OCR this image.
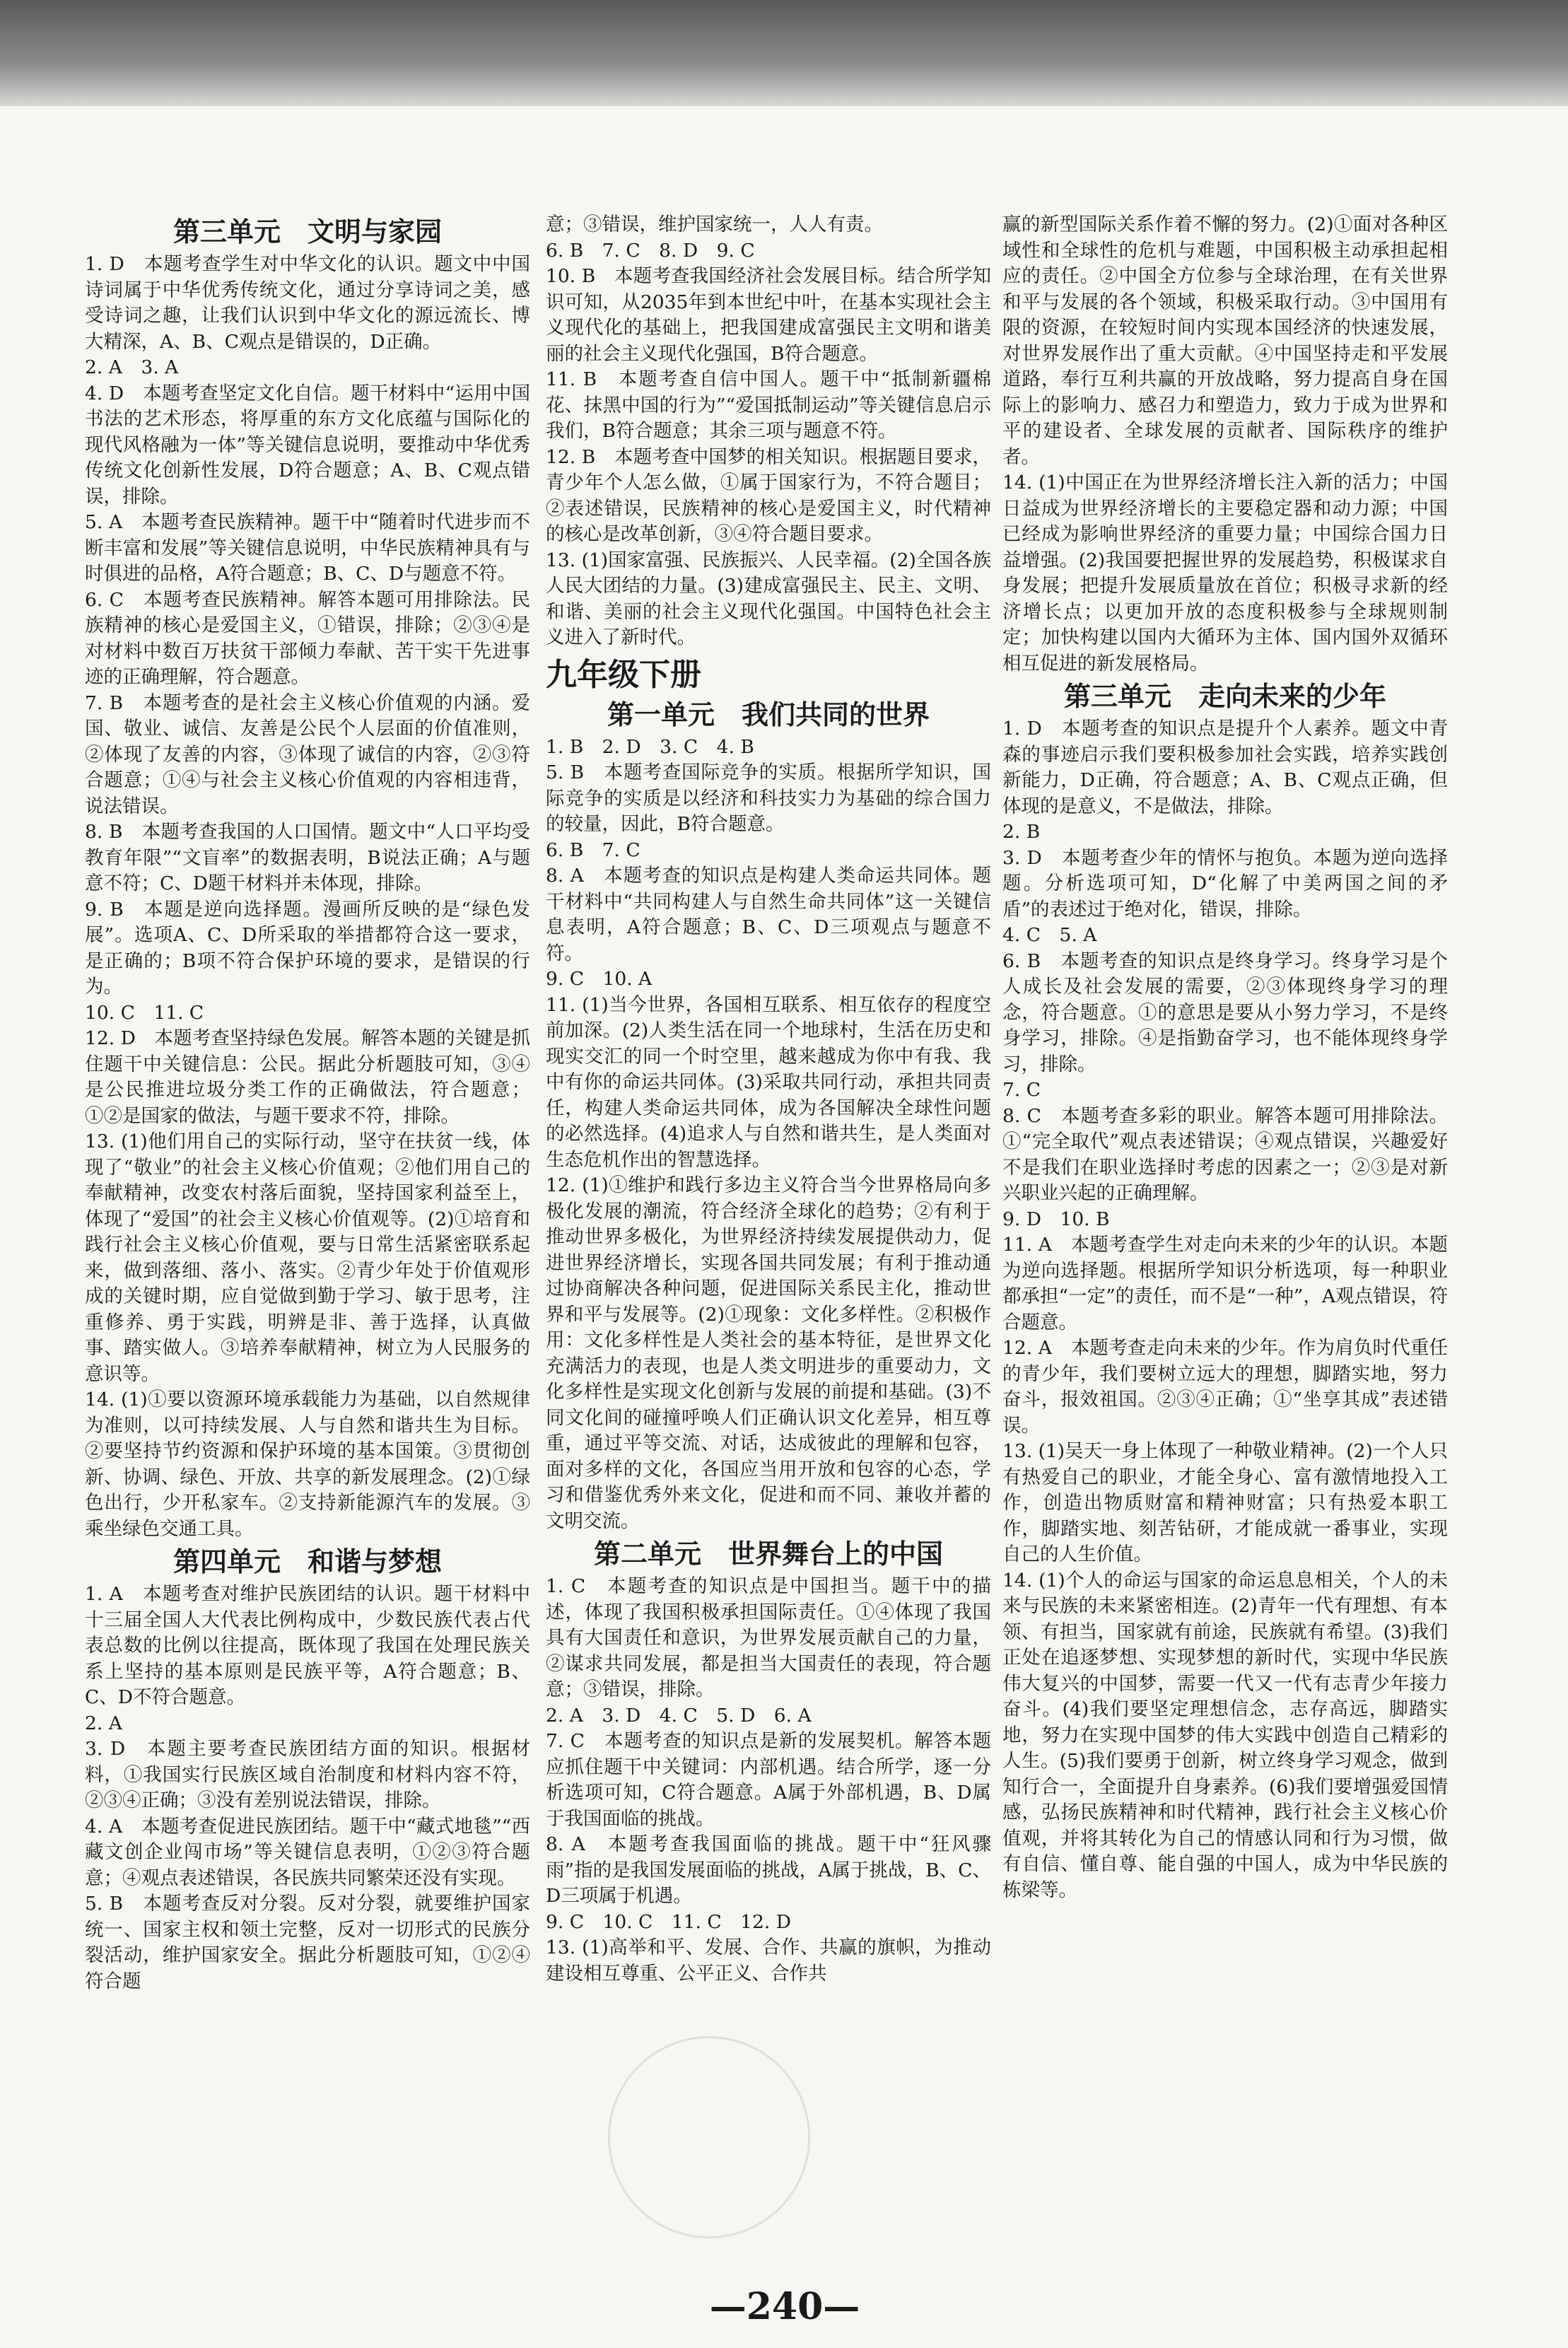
第三单元　文明与家园
1. D　本题考查学生对中华文化的认识。题文中中国诗词属于中华优秀传统文化，通过分享诗词之美，感受诗词之趣，让我们认识到中华文化的源远流长、博大精深，A、B、C观点是错误的，D正确。
2. A　3. A
4. D　本题考查坚定文化自信。题干材料中“运用中国书法的艺术形态，将厚重的东方文化底蕴与国际化的现代风格融为一体”等关键信息说明，要推动中华优秀传统文化创新性发展，D符合题意；A、B、C观点错误，排除。
5. A　本题考查民族精神。题干中“随着时代进步而不断丰富和发展”等关键信息说明，中华民族精神具有与时俱进的品格，A符合题意；B、C、D与题意不符。
6. C　本题考查民族精神。解答本题可用排除法。民族精神的核心是爱国主义，①错误，排除；②③④是对材料中数百万扶贫干部倾力奉献、苦干实干先进事迹的正确理解，符合题意。
7. B　本题考查的是社会主义核心价值观的内涵。爱国、敬业、诚信、友善是公民个人层面的价值准则，②体现了友善的内容，③体现了诚信的内容，②③符合题意；①④与社会主义核心价值观的内容相违背，说法错误。
8. B　本题考查我国的人口国情。题文中“人口平均受教育年限”“文盲率”的数据表明，B说法正确；A与题意不符；C、D题干材料并未体现，排除。
9. B　本题是逆向选择题。漫画所反映的是“绿色发展”。选项A、C、D所采取的举措都符合这一要求，是正确的；B项不符合保护环境的要求，是错误的行为。
10. C　11. C
12. D　本题考查坚持绿色发展。解答本题的关键是抓住题干中关键信息：公民。据此分析题肢可知，③④是公民推进垃圾分类工作的正确做法，符合题意；①②是国家的做法，与题干要求不符，排除。
13. (1)他们用自己的实际行动，坚守在扶贫一线，体现了“敬业”的社会主义核心价值观；②他们用自己的奉献精神，改变农村落后面貌，坚持国家利益至上，体现了“爱国”的社会主义核心价值观等。(2)①培育和践行社会主义核心价值观，要与日常生活紧密联系起来，做到落细、落小、落实。②青少年处于价值观形成的关键时期，应自觉做到勤于学习、敏于思考，注重修养、勇于实践，明辨是非、善于选择，认真做事、踏实做人。③培养奉献精神，树立为人民服务的意识等。
14. (1)①要以资源环境承载能力为基础，以自然规律为准则，以可持续发展、人与自然和谐共生为目标。②要坚持节约资源和保护环境的基本国策。③贯彻创新、协调、绿色、开放、共享的新发展理念。(2)①绿色出行，少开私家车。②支持新能源汽车的发展。③乘坐绿色交通工具。
第四单元　和谐与梦想
1. A　本题考查对维护民族团结的认识。题干材料中十三届全国人大代表比例构成中，少数民族代表占代表总数的比例以往提高，既体现了我国在处理民族关系上坚持的基本原则是民族平等，A符合题意；B、C、D不符合题意。
2. A
3. D　本题主要考查民族团结方面的知识。根据材料，①我国实行民族区域自治制度和材料内容不符，②③④正确；③没有差别说法错误，排除。
4. A　本题考查促进民族团结。题干中“藏式地毯”“西藏文创企业闯市场”等关键信息表明，①②③符合题意；④观点表述错误，各民族共同繁荣还没有实现。
5. B　本题考查反对分裂。反对分裂，就要维护国家统一、国家主权和领土完整，反对一切形式的民族分裂活动，维护国家安全。据此分析题肢可知，①②④符合题
意；③错误，维护国家统一，人人有责。
6. B　7. C　8. D　9. C
10. B　本题考查我国经济社会发展目标。结合所学知识可知，从2035年到本世纪中叶，在基本实现社会主义现代化的基础上，把我国建成富强民主文明和谐美丽的社会主义现代化强国，B符合题意。
11. B　本题考查自信中国人。题干中“抵制新疆棉花、抹黑中国的行为”“爱国抵制运动”等关键信息启示我们，B符合题意；其余三项与题意不符。
12. B　本题考查中国梦的相关知识。根据题目要求，青少年个人怎么做，①属于国家行为，不符合题目；②表述错误，民族精神的核心是爱国主义，时代精神的核心是改革创新，③④符合题目要求。
13. (1)国家富强、民族振兴、人民幸福。(2)全国各族人民大团结的力量。(3)建成富强民主、民主、文明、和谐、美丽的社会主义现代化强国。中国特色社会主义进入了新时代。
九年级下册
第一单元　我们共同的世界
1. B　2. D　3. C　4. B
5. B　本题考查国际竞争的实质。根据所学知识，国际竞争的实质是以经济和科技实力为基础的综合国力的较量，因此，B符合题意。
6. B　7. C
8. A　本题考查的知识点是构建人类命运共同体。题干材料中“共同构建人与自然生命共同体”这一关键信息表明，A符合题意；B、C、D三项观点与题意不符。
9. C　10. A
11. (1)当今世界，各国相互联系、相互依存的程度空前加深。(2)人类生活在同一个地球村，生活在历史和现实交汇的同一个时空里，越来越成为你中有我、我中有你的命运共同体。(3)采取共同行动，承担共同责任，构建人类命运共同体，成为各国解决全球性问题的必然选择。(4)追求人与自然和谐共生，是人类面对生态危机作出的智慧选择。
12. (1)①维护和践行多边主义符合当今世界格局向多极化发展的潮流，符合经济全球化的趋势；②有利于推动世界多极化，为世界经济持续发展提供动力，促进世界经济增长，实现各国共同发展；有利于推动通过协商解决各种问题，促进国际关系民主化，推动世界和平与发展等。(2)①现象：文化多样性。②积极作用：文化多样性是人类社会的基本特征，是世界文化充满活力的表现，也是人类文明进步的重要动力，文化多样性是实现文化创新与发展的前提和基础。(3)不同文化间的碰撞呼唤人们正确认识文化差异，相互尊重，通过平等交流、对话，达成彼此的理解和包容，面对多样的文化，各国应当用开放和包容的心态，学习和借鉴优秀外来文化，促进和而不同、兼收并蓄的文明交流。
第二单元　世界舞台上的中国
1. C　本题考查的知识点是中国担当。题干中的描述，体现了我国积极承担国际责任。①④体现了我国具有大国责任和意识，为世界发展贡献自己的力量，②谋求共同发展，都是担当大国责任的表现，符合题意；③错误，排除。
2. A　3. D　4. C　5. D　6. A
7. C　本题考查的知识点是新的发展契机。解答本题应抓住题干中关键词：内部机遇。结合所学，逐一分析选项可知，C符合题意。A属于外部机遇，B、D属于我国面临的挑战。
8. A　本题考查我国面临的挑战。题干中“狂风骤雨”指的是我国发展面临的挑战，A属于挑战，B、C、D三项属于机遇。
9. C　10. C　11. C　12. D
13. (1)高举和平、发展、合作、共赢的旗帜，为推动建设相互尊重、公平正义、合作共
赢的新型国际关系作着不懈的努力。(2)①面对各种区域性和全球性的危机与难题，中国积极主动承担起相应的责任。②中国全方位参与全球治理，在有关世界和平与发展的各个领域，积极采取行动。③中国用有限的资源，在较短时间内实现本国经济的快速发展，对世界发展作出了重大贡献。④中国坚持走和平发展道路，奉行互利共赢的开放战略，努力提高自身在国际上的影响力、感召力和塑造力，致力于成为世界和平的建设者、全球发展的贡献者、国际秩序的维护者。
14. (1)中国正在为世界经济增长注入新的活力；中国日益成为世界经济增长的主要稳定器和动力源；中国已经成为影响世界经济的重要力量；中国综合国力日益增强。(2)我国要把握世界的发展趋势，积极谋求自身发展；把提升发展质量放在首位；积极寻求新的经济增长点；以更加开放的态度积极参与全球规则制定；加快构建以国内大循环为主体、国内国外双循环相互促进的新发展格局。
第三单元　走向未来的少年
1. D　本题考查的知识点是提升个人素养。题文中青森的事迹启示我们要积极参加社会实践，培养实践创新能力，D正确，符合题意；A、B、C观点正确，但体现的是意义，不是做法，排除。
2. B
3. D　本题考查少年的情怀与抱负。本题为逆向选择题。分析选项可知，D“化解了中美两国之间的矛盾”的表述过于绝对化，错误，排除。
4. C　5. A
6. B　本题考查的知识点是终身学习。终身学习是个人成长及社会发展的需要，②③体现终身学习的理念，符合题意。①的意思是要从小努力学习，不是终身学习，排除。④是指勤奋学习，也不能体现终身学习，排除。
7. C
8. C　本题考查多彩的职业。解答本题可用排除法。①“完全取代”观点表述错误；④观点错误，兴趣爱好不是我们在职业选择时考虑的因素之一；②③是对新兴职业兴起的正确理解。
9. D　10. B
11. A　本题考查学生对走向未来的少年的认识。本题为逆向选择题。根据所学知识分析选项，每一种职业都承担“一定”的责任，而不是“一种”，A观点错误，符合题意。
12. A　本题考查走向未来的少年。作为肩负时代重任的青少年，我们要树立远大的理想，脚踏实地，努力奋斗，报效祖国。②③④正确；①“坐享其成”表述错误。
13. (1)吴天一身上体现了一种敬业精神。(2)一个人只有热爱自己的职业，才能全身心、富有激情地投入工作，创造出物质财富和精神财富；只有热爱本职工作，脚踏实地、刻苦钻研，才能成就一番事业，实现自己的人生价值。
14. (1)个人的命运与国家的命运息息相关，个人的未来与民族的未来紧密相连。(2)青年一代有理想、有本领、有担当，国家就有前途，民族就有希望。(3)我们正处在追逐梦想、实现梦想的新时代，实现中华民族伟大复兴的中国梦，需要一代又一代有志青少年接力奋斗。(4)我们要坚定理想信念，志存高远，脚踏实地，努力在实现中国梦的伟大实践中创造自己精彩的人生。(5)我们要勇于创新，树立终身学习观念，做到知行合一，全面提升自身素养。(6)我们要增强爱国情感，弘扬民族精神和时代精神，践行社会主义核心价值观，并将其转化为自己的情感认同和行为习惯，做有自信、懂自尊、能自强的中国人，成为中华民族的栋梁等。
—240—
